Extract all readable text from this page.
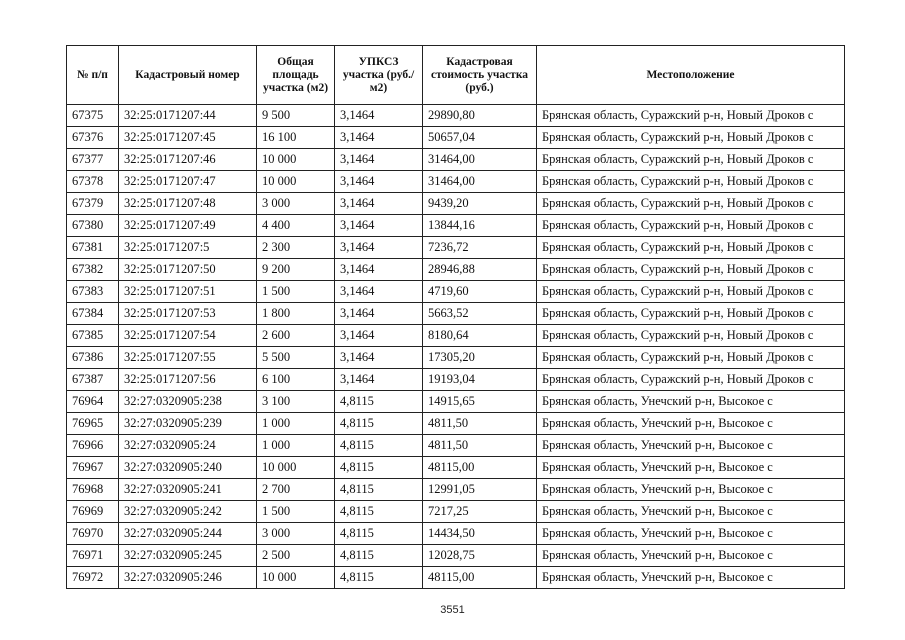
№ п/п	Кадастровый номер	Общая площадь участка (м2)	УПКСЗ участка (руб./м2)	Кадастровая стоимость участка (руб.)	Местоположение
67375	32:25:0171207:44	9 500	3,1464	29890,80	Брянская область, Суражский р-н, Новый Дроков с
67376	32:25:0171207:45	16 100	3,1464	50657,04	Брянская область, Суражский р-н, Новый Дроков с
67377	32:25:0171207:46	10 000	3,1464	31464,00	Брянская область, Суражский р-н, Новый Дроков с
67378	32:25:0171207:47	10 000	3,1464	31464,00	Брянская область, Суражский р-н, Новый Дроков с
67379	32:25:0171207:48	3 000	3,1464	9439,20	Брянская область, Суражский р-н, Новый Дроков с
67380	32:25:0171207:49	4 400	3,1464	13844,16	Брянская область, Суражский р-н, Новый Дроков с
67381	32:25:0171207:5	2 300	3,1464	7236,72	Брянская область, Суражский р-н, Новый Дроков с
67382	32:25:0171207:50	9 200	3,1464	28946,88	Брянская область, Суражский р-н, Новый Дроков с
67383	32:25:0171207:51	1 500	3,1464	4719,60	Брянская область, Суражский р-н, Новый Дроков с
67384	32:25:0171207:53	1 800	3,1464	5663,52	Брянская область, Суражский р-н, Новый Дроков с
67385	32:25:0171207:54	2 600	3,1464	8180,64	Брянская область, Суражский р-н, Новый Дроков с
67386	32:25:0171207:55	5 500	3,1464	17305,20	Брянская область, Суражский р-н, Новый Дроков с
67387	32:25:0171207:56	6 100	3,1464	19193,04	Брянская область, Суражский р-н, Новый Дроков с
76964	32:27:0320905:238	3 100	4,8115	14915,65	Брянская область, Унечский р-н, Высокое с
76965	32:27:0320905:239	1 000	4,8115	4811,50	Брянская область, Унечский р-н, Высокое с
76966	32:27:0320905:24	1 000	4,8115	4811,50	Брянская область, Унечский р-н, Высокое с
76967	32:27:0320905:240	10 000	4,8115	48115,00	Брянская область, Унечский р-н, Высокое с
76968	32:27:0320905:241	2 700	4,8115	12991,05	Брянская область, Унечский р-н, Высокое с
76969	32:27:0320905:242	1 500	4,8115	7217,25	Брянская область, Унечский р-н, Высокое с
76970	32:27:0320905:244	3 000	4,8115	14434,50	Брянская область, Унечский р-н, Высокое с
76971	32:27:0320905:245	2 500	4,8115	12028,75	Брянская область, Унечский р-н, Высокое с
76972	32:27:0320905:246	10 000	4,8115	48115,00	Брянская область, Унечский р-н, Высокое с
3551
